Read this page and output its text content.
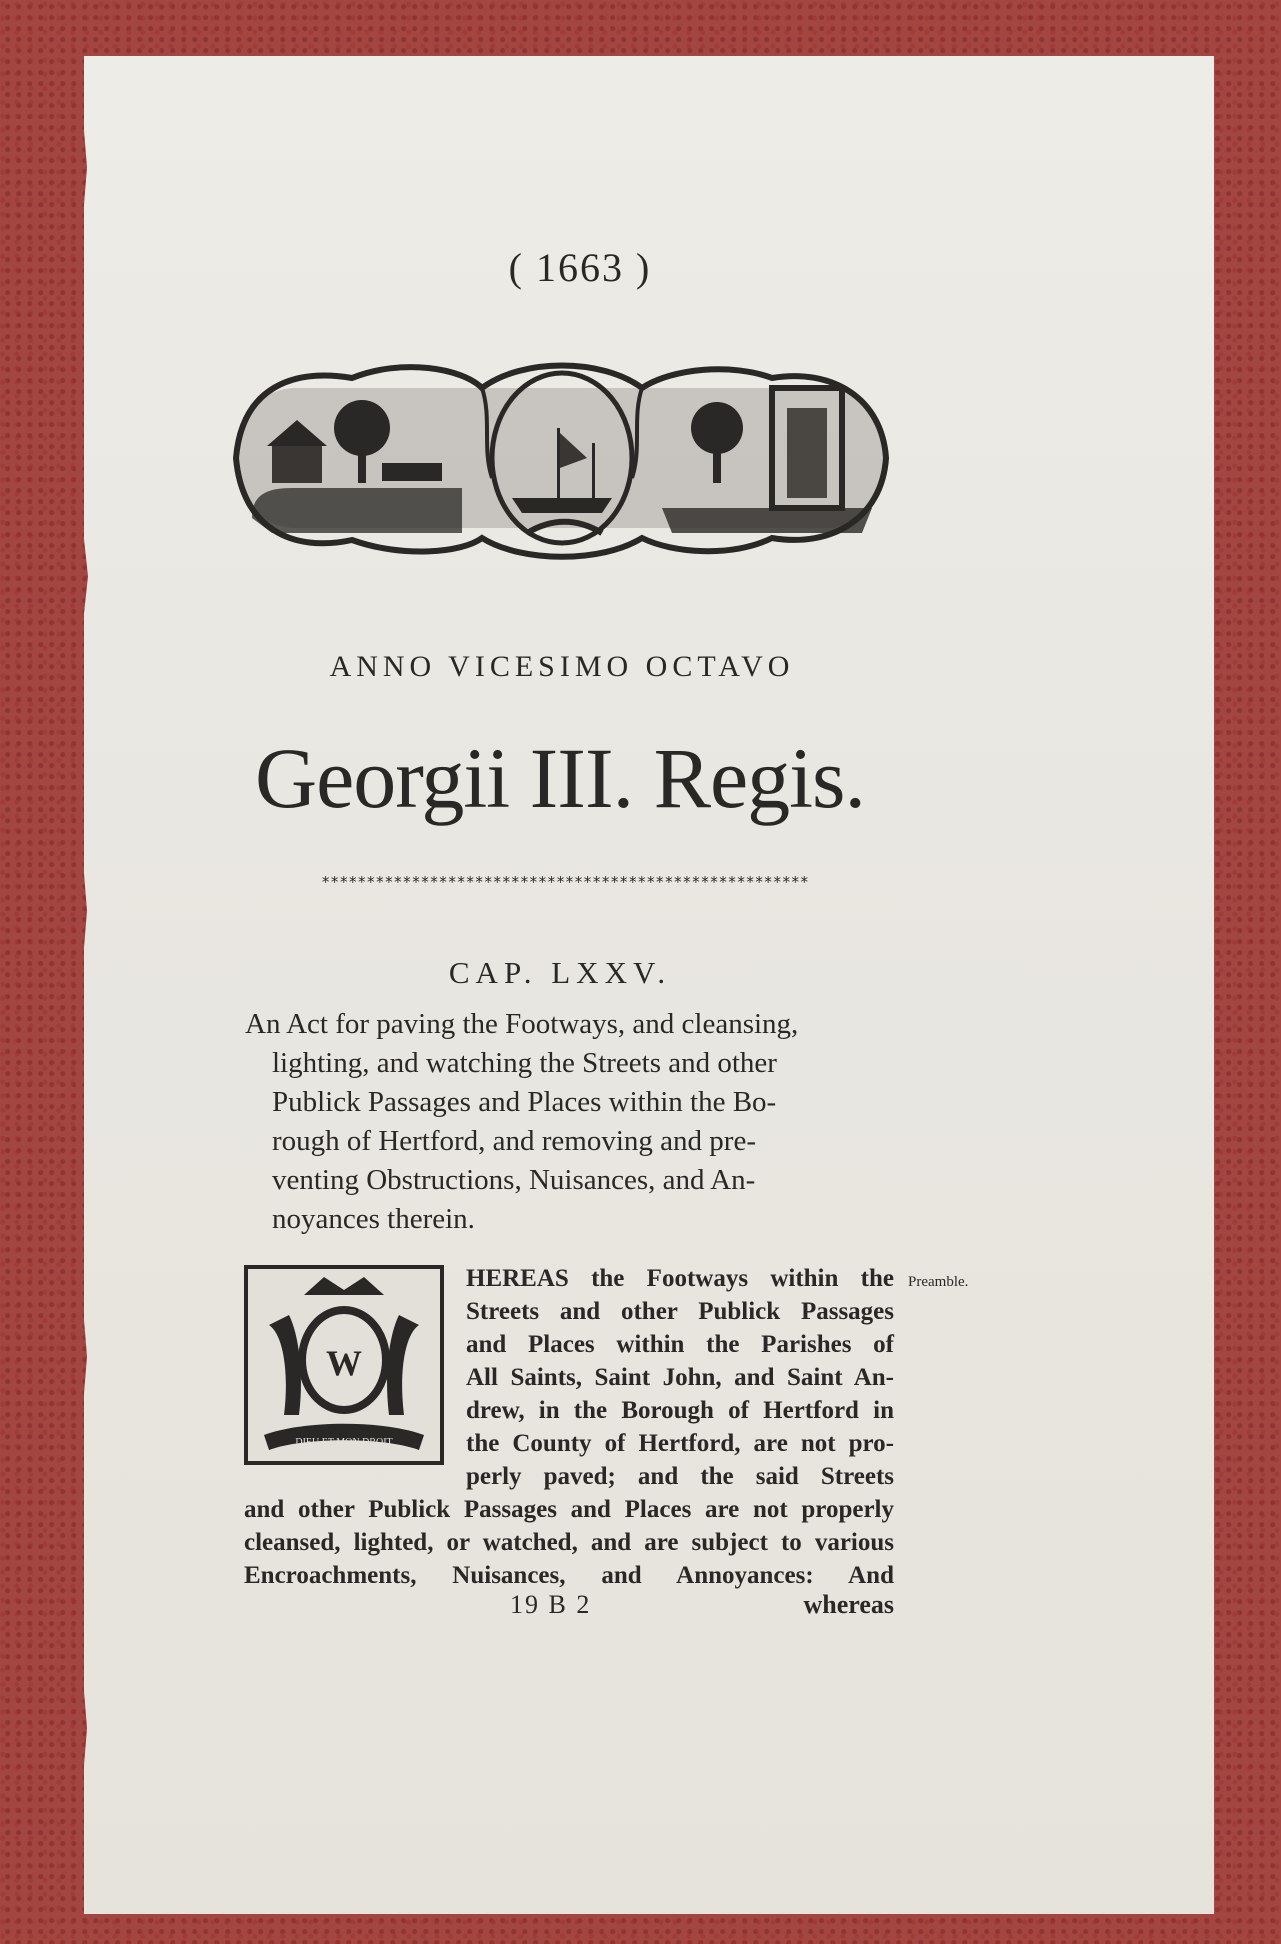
( 1663 )
ANNO VICESIMO OCTAVO
Georgii III. Regis.
******************************************************
CAP. LXXV.
An Act for paving the Footways, and cleansing,
lighting, and watching the Streets and other
Publick Passages and Places within the Bo-
rough of Hertford, and removing and pre-
venting Obstructions, Nuisances, and An-
noyances therein.
Preamble.
W
DIEU ET MON DROIT
HEREAS the Footways within the
Streets and other Publick Passages
and Places within the Parishes of
All Saints, Saint John, and Saint An-
drew, in the Borough of Hertford in
the County of Hertford, are not pro-
perly paved; and the said Streets
and other Publick Passages and Places are not properly
cleansed, lighted, or watched, and are subject to various
Encroachments, Nuisances, and Annoyances: And
19 B 2	whereas
